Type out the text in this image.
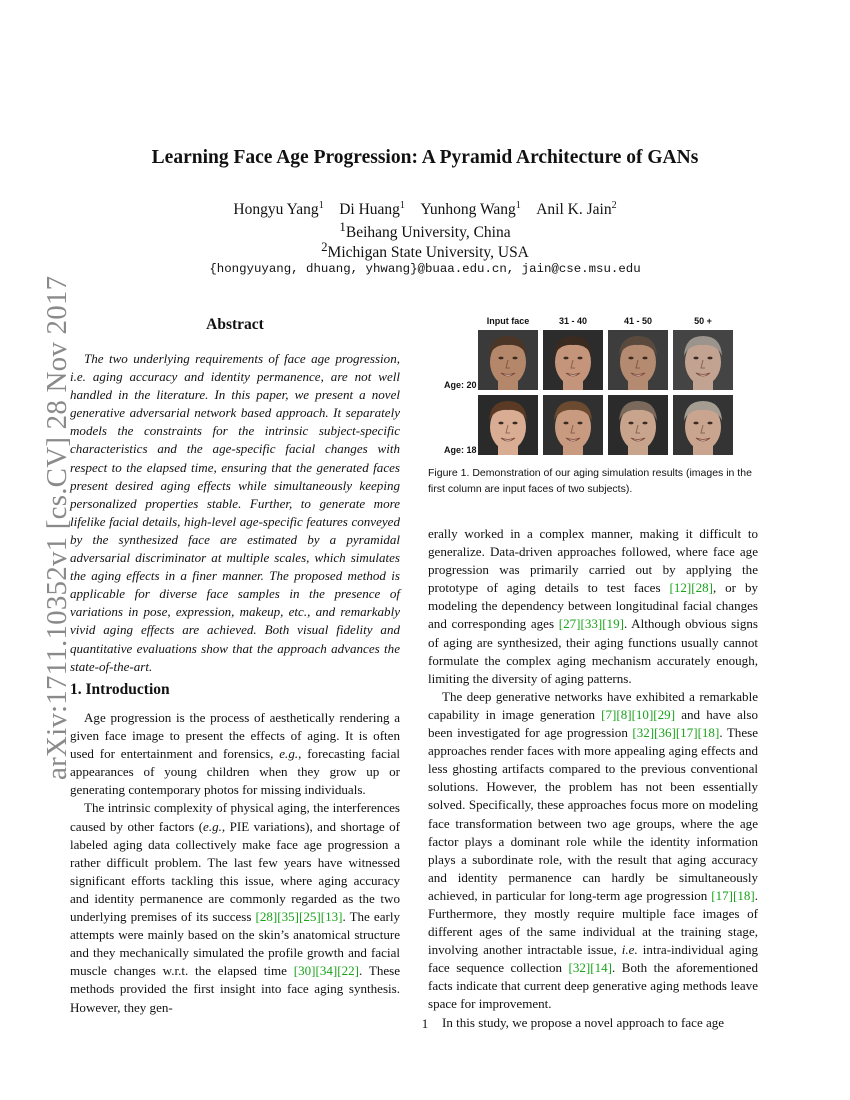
arXiv:1711.10352v1 [cs.CV] 28 Nov 2017
Learning Face Age Progression: A Pyramid Architecture of GANs
Hongyu Yang$^1$  Di Huang$^1$  Yunhong Wang$^1$  Anil K. Jain$^2$
$^1$Beihang University, China
$^2$Michigan State University, USA
{hongyuyang, dhuang, yhwang}@buaa.edu.cn, jain@cse.msu.edu
Abstract

The two underlying requirements of face age progression, i.e. aging accuracy and identity permanence, are not well handled in the literature. In this paper, we present a novel generative adversarial network based approach. It separately models the constraints for the intrinsic subject-specific characteristics and the age-specific facial changes with respect to the elapsed time, ensuring that the generated faces present desired aging effects while simultaneously keeping personalized properties stable. Further, to generate more lifelike facial details, high-level age-specific features conveyed by the synthesized face are estimated by a pyramidal adversarial discriminator at multiple scales, which simulates the aging effects in a finer manner. The proposed method is applicable for diverse face samples in the presence of variations in pose, expression, makeup, etc., and remarkably vivid aging effects are achieved. Both visual fidelity and quantitative evaluations show that the approach advances the state-of-the-art.

1. Introduction

Age progression is the process of aesthetically rendering a given face image to present the effects of aging. It is often used for entertainment and forensics, e.g., forecasting facial appearances of young children when they grow up or generating contemporary photos for missing individuals.

The intrinsic complexity of physical aging, the interferences caused by other factors (e.g., PIE variations), and shortage of labeled aging data collectively make face age progression a rather difficult problem. The last few years have witnessed significant efforts tackling this issue, where aging accuracy and identity permanence are commonly regarded as the two underlying premises of its success [28][35][25][13]. The early attempts were mainly based on the skin’s anatomical structure and they mechanically simulated the profile growth and facial muscle changes w.r.t. the elapsed time [30][34][22]. These methods provided the first insight into face aging synthesis. However, they gen-

Input face	31 - 40	41 - 50	50 +
Age: 20
Age: 18
Figure 1. Demonstration of our aging simulation results (images in the first column are input faces of two subjects).

erally worked in a complex manner, making it difficult to generalize. Data-driven approaches followed, where face age progression was primarily carried out by applying the prototype of aging details to test faces [12][28], or by modeling the dependency between longitudinal facial changes and corresponding ages [27][33][19]. Although obvious signs of aging are synthesized, their aging functions usually cannot formulate the complex aging mechanism accurately enough, limiting the diversity of aging patterns.

The deep generative networks have exhibited a remarkable capability in image generation [7][8][10][29] and have also been investigated for age progression [32][36][17][18]. These approaches render faces with more appealing aging effects and less ghosting artifacts compared to the previous conventional solutions. However, the problem has not been essentially solved. Specifically, these approaches focus more on modeling face transformation between two age groups, where the age factor plays a dominant role while the identity information plays a subordinate role, with the result that aging accuracy and identity permanence can hardly be simultaneously achieved, in particular for long-term age progression [17][18]. Furthermore, they mostly require multiple face images of different ages of the same individual at the training stage, involving another intractable issue, i.e. intra-individual aging face sequence collection [32][14]. Both the aforementioned facts indicate that current deep generative aging methods leave space for improvement.

In this study, we propose a novel approach to face age

1
